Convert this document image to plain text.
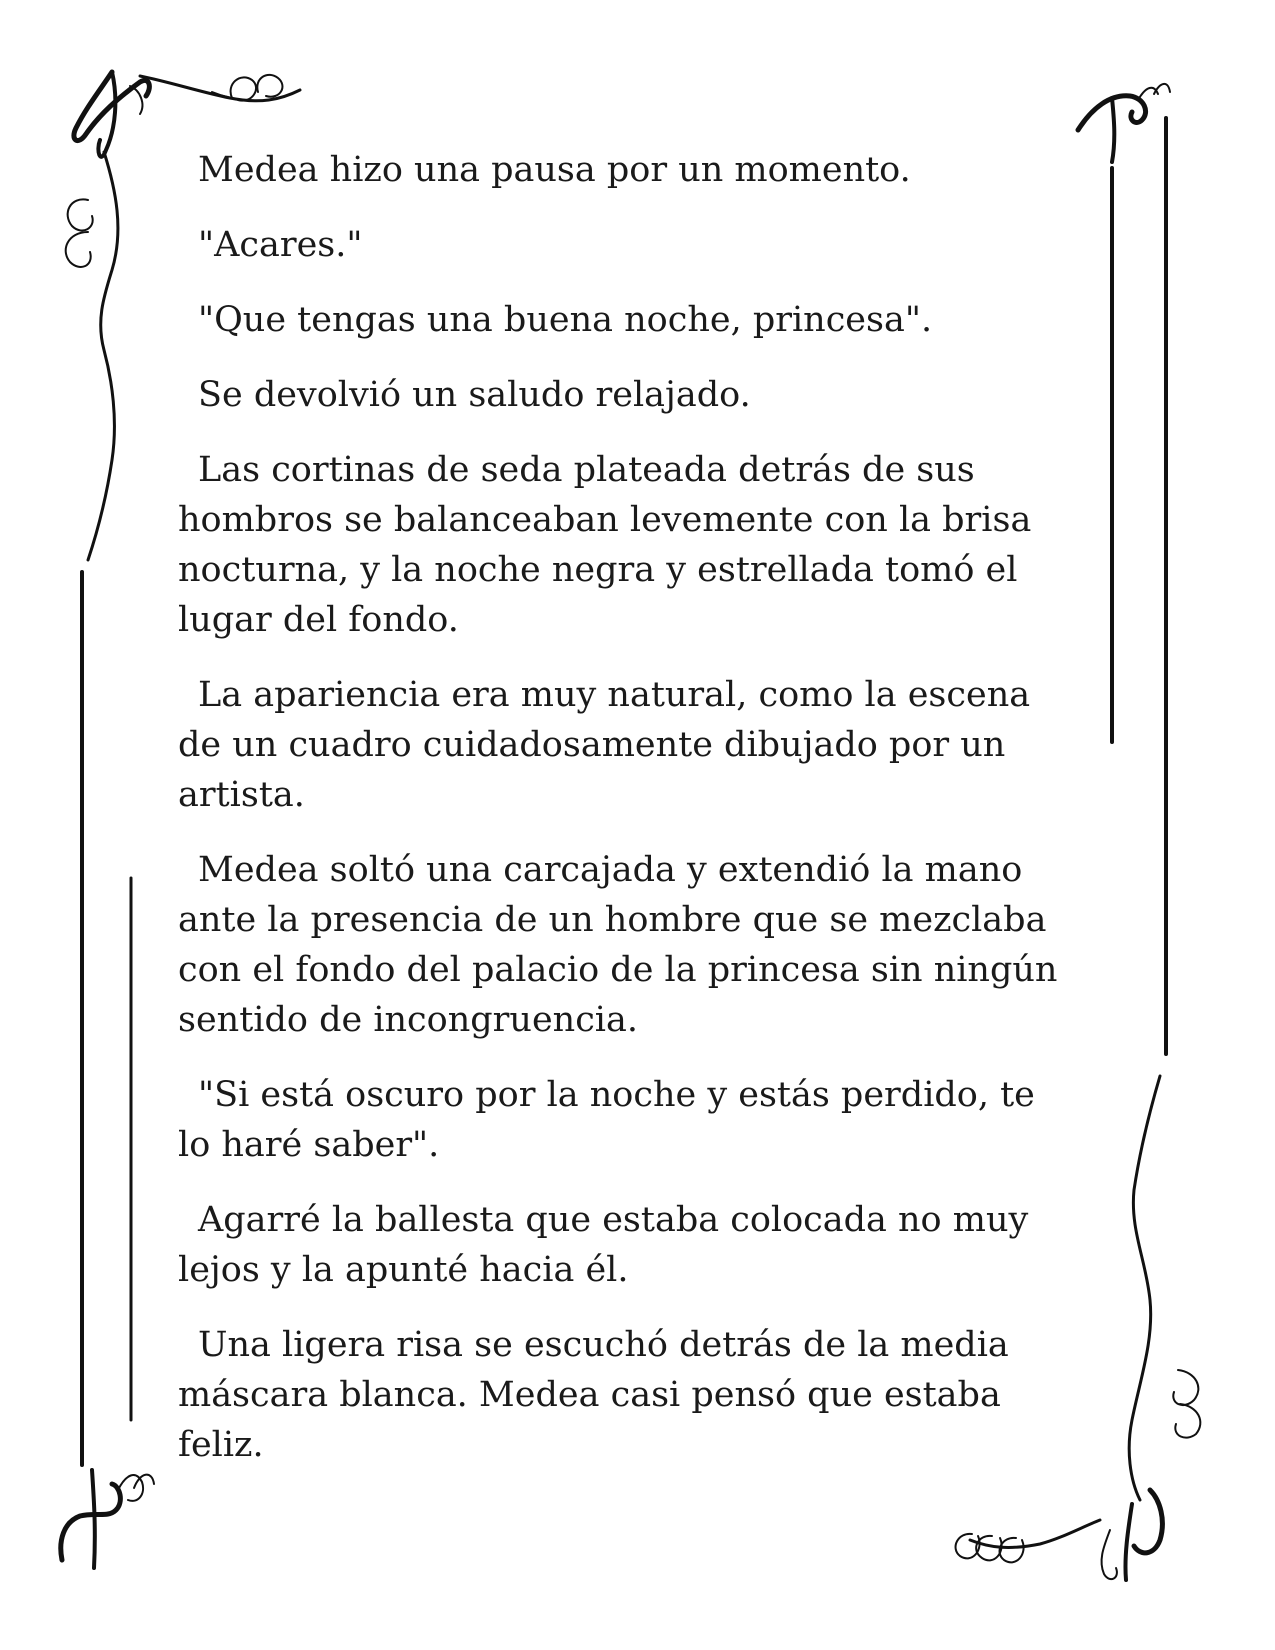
Medea hizo una pausa por un momento.

"Acares."

"Que tengas una buena noche, princesa".

Se devolvió un saludo relajado.

Las cortinas de seda plateada detrás de sus hombros se balanceaban levemente con la brisa nocturna, y la noche negra y estrellada tomó el lugar del fondo.

La apariencia era muy natural, como la escena de un cuadro cuidadosamente dibujado por un artista.

Medea soltó una carcajada y extendió la mano ante la presencia de un hombre que se mezclaba con el fondo del palacio de la princesa sin ningún sentido de incongruencia.

"Si está oscuro por la noche y estás perdido, te lo haré saber".

Agarré la ballesta que estaba colocada no muy lejos y la apunté hacia él.

Una ligera risa se escuchó detrás de la media máscara blanca. Medea casi pensó que estaba feliz.
